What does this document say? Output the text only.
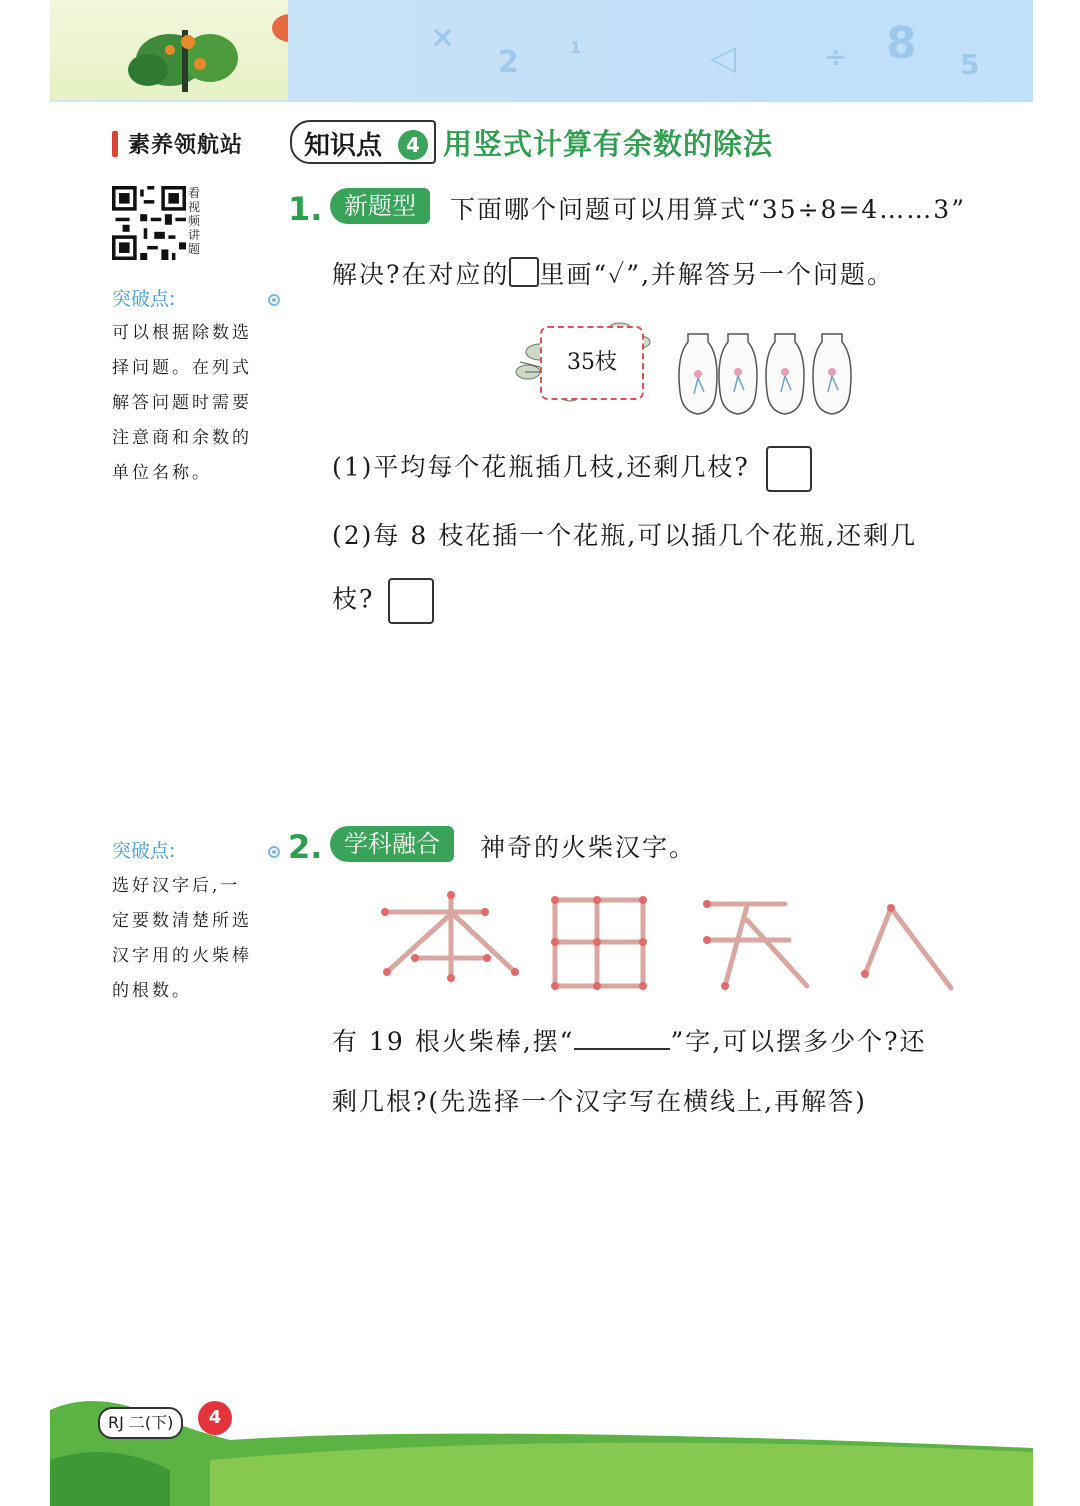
×
2	1	◁	÷ 8 5
素养领航站
看视频讲题
突破点:
可以根据除数选
择问题。在列式
解答问题时需要
注意商和余数的
单位名称。
突破点:
选好汉字后,一
定要数清楚所选
汉字用的火柴棒
的根数。
知识点	4 用竖式计算有余数的除法
1. 新题型	下面哪个问题可以用算式“35÷8=4……3”
解决?在对应的 里画“✓”,并解答另一个问题。
35枝
(1)平均每个花瓶插几枝,还剩几枝?
(2)每 8 枝花插一个花瓶,可以插几个花瓶,还剩几
枝?
2. 学科融合	神奇的火柴汉字。
有 19 根火柴棒,摆“	”字,可以摆多少个?还
剩几根?(先选择一个汉字写在横线上,再解答)
RJ 二(下)	4
